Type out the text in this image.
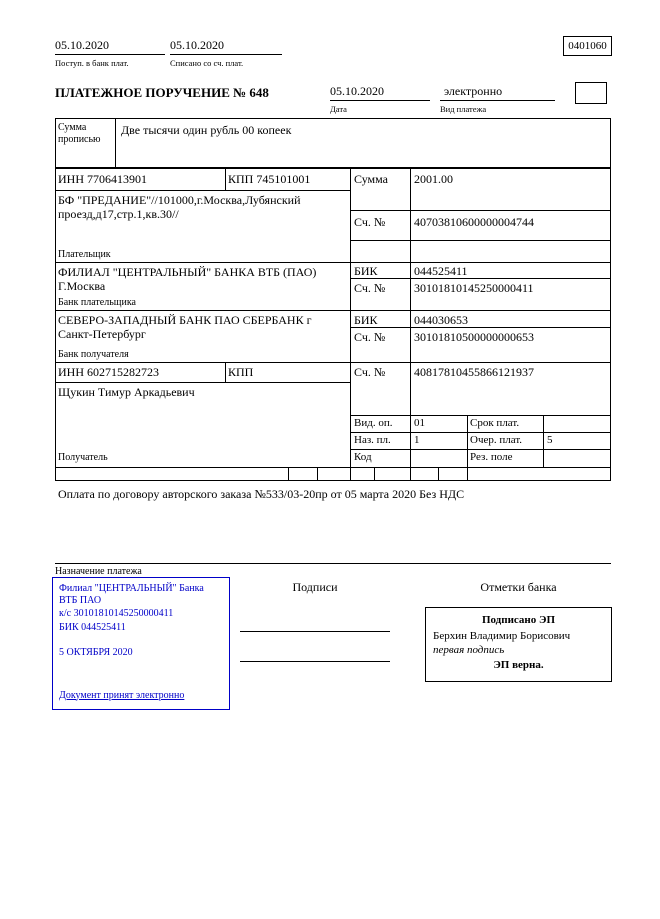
05.10.2020
Поступ. в банк плат.
05.10.2020
Списано со сч. плат.
0401060
ПЛАТЕЖНОЕ ПОРУЧЕНИЕ № 648	05.10.2020
Дата
электронно
Вид платежа
Сумма прописью
Две тысячи один рубль 00 копеек
ИНН 7706413901	КПП 745101001	Сумма 2001.00
БФ "ПРЕДАНИЕ"//101000,г.Москва,Лубянский проезд,д17,стр.1,кв.30//
Сч. № 40703810600000004744
Плательщик
ФИЛИАЛ "ЦЕНТРАЛЬНЫЙ" БАНКА ВТБ (ПАО) Г.Москва
БИК	044525411
Сч. № 30101810145250000411
Банк плательщика
СЕВЕРО-ЗАПАДНЫЙ БАНК ПАО СБЕРБАНК г Санкт-Петербург
БИК	044030653
Сч. № 30101810500000000653
Банк получателя
ИНН 602715282723	КПП	Сч. № 40817810455866121937
Щукин Тимур Аркадьевич
Получатель
Вид. оп. 01	Срок плат.
Наз. пл. 1	Очер. плат. 5
Код	Рез. поле
Оплата по договору авторского заказа №533/03-20пр от 05 марта 2020 Без НДС
Назначение платежа
Подписи	Отметки банка
Филиал "ЦЕНТРАЛЬНЫЙ" Банка ВТБ ПАО
к/с 30101810145250000411
БИК 044525411
5 ОКТЯБРЯ 2020
Документ принят электронно
Подписано ЭП
Берхин Владимир Борисович
первая подпись
ЭП верна.
